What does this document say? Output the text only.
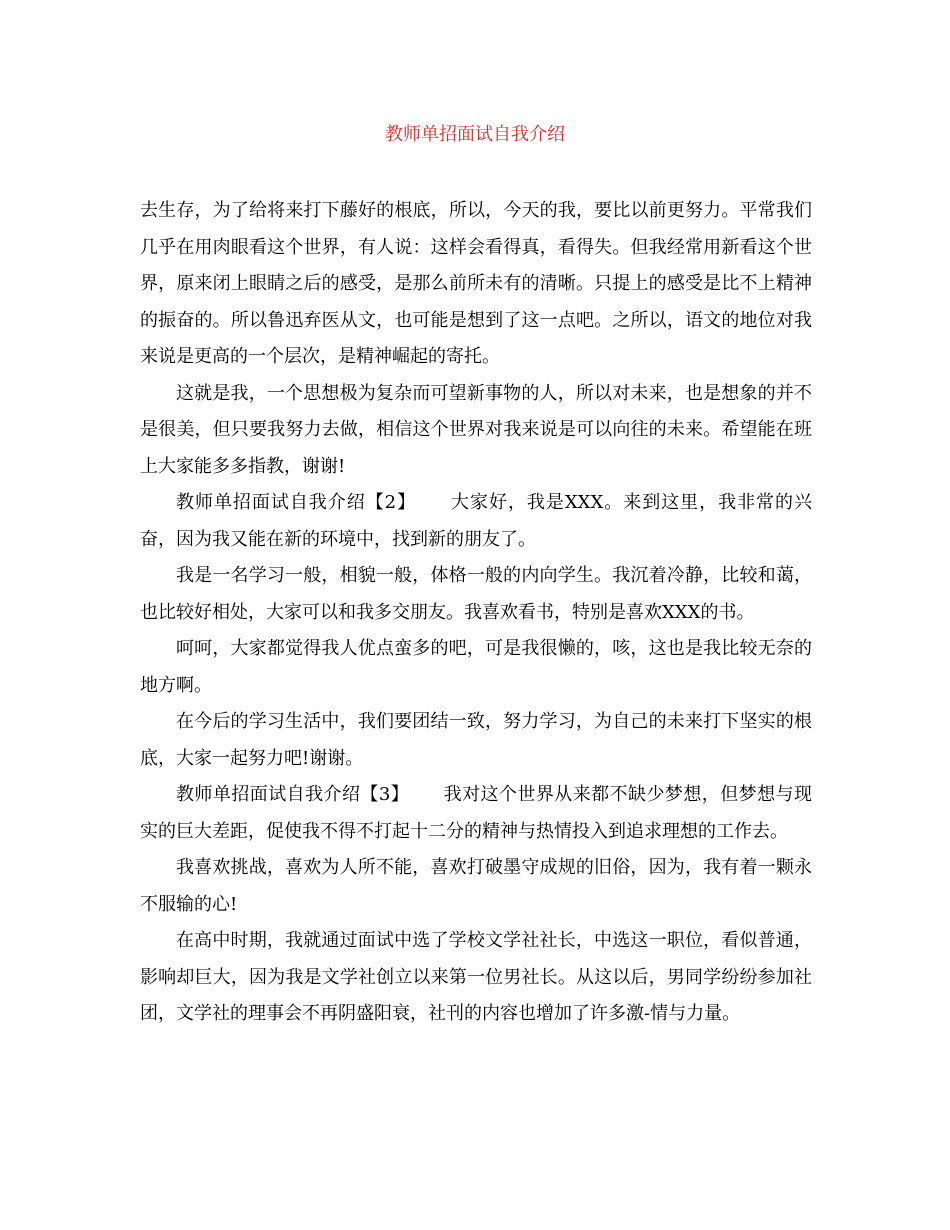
教师单招面试自我介绍

去生存，为了给将来打下藤好的根底，所以，今天的我，要比以前更努力。平常我们几乎在用肉眼看这个世界，有人说：这样会看得真，看得失。但我经常用新看这个世界，原来闭上眼睛之后的感受，是那么前所未有的清晰。只提上的感受是比不上精神的振奋的。所以鲁迅弃医从文，也可能是想到了这一点吧。之所以，语文的地位对我来说是更高的一个层次，是精神崛起的寄托。

这就是我，一个思想极为复杂而可望新事物的人，所以对未来，也是想象的并不是很美，但只要我努力去做，相信这个世界对我来说是可以向往的未来。希望能在班上大家能多多指教，谢谢!

教师单招面试自我介绍【2】 大家好，我是XXX。来到这里，我非常的兴奋，因为我又能在新的环境中，找到新的朋友了。

我是一名学习一般，相貌一般，体格一般的内向学生。我沉着冷静，比较和蔼，也比较好相处，大家可以和我多交朋友。我喜欢看书，特别是喜欢XXX的书。

呵呵，大家都觉得我人优点蛮多的吧，可是我很懒的，咳，这也是我比较无奈的地方啊。

在今后的学习生活中，我们要团结一致，努力学习，为自己的未来打下坚实的根底，大家一起努力吧!谢谢。

教师单招面试自我介绍【3】 我对这个世界从来都不缺少梦想，但梦想与现实的巨大差距，促使我不得不打起十二分的精神与热情投入到追求理想的工作去。

我喜欢挑战，喜欢为人所不能，喜欢打破墨守成规的旧俗，因为，我有着一颗永不服输的心!

在高中时期，我就通过面试中选了学校文学社社长，中选这一职位，看似普通，影响却巨大，因为我是文学社创立以来第一位男社长。从这以后，男同学纷纷参加社团，文学社的理事会不再阴盛阳衰，社刊的内容也增加了许多激-情与力量。
